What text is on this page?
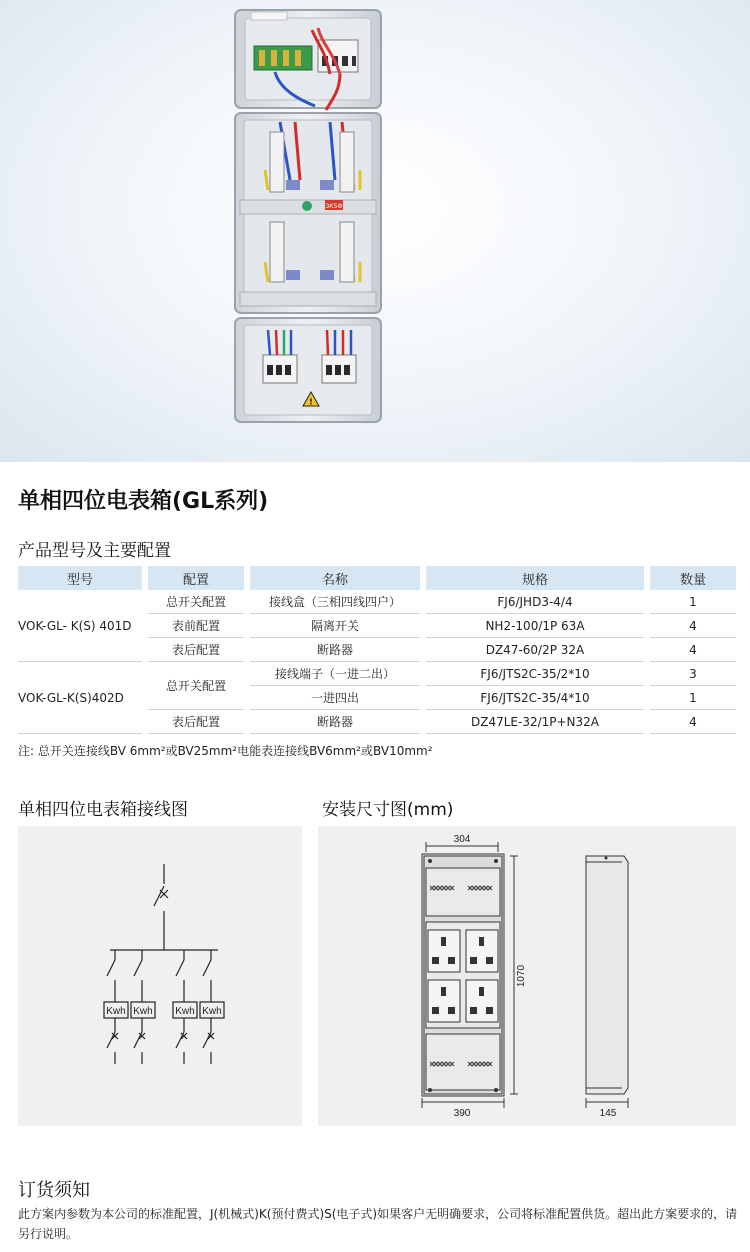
ЗК5Ф
!
单相四位电表箱(GL系列)
产品型号及主要配置
型号		配置		名称		规格		数量
VOK-GL- K(S) 401D		总开关配置		接线盒（三相四线四户）		FJ6/JHD3-4/4		1
		表前配置		隔离开关		NH2-100/1P 63A		4
		表后配置		断路器		DZ47-60/2P 32A		4
VOK-GL-K(S)402D		总开关配置		接线端子（一进二出）		FJ6/JTS2C-35/2*10		3
				一进四出		FJ6/JTS2C-35/4*10		1
		表后配置		断路器		DZ47LE-32/1P+N32A		4
注: 总开关连接线BV 6mm²或BV25mm²电能表连接线BV6mm²或BV10mm²
单相四位电表箱接线图	安装尺寸图(mm)
Kwh Kwh Kwh Kwh
304
390
1070
145
订货须知
此方案内参数为本公司的标准配置，J(机械式)K(预付费式)S(电子式)如果客户无明确要求，公司将标准配置供货。超出此方案要求的，请另行说明。
